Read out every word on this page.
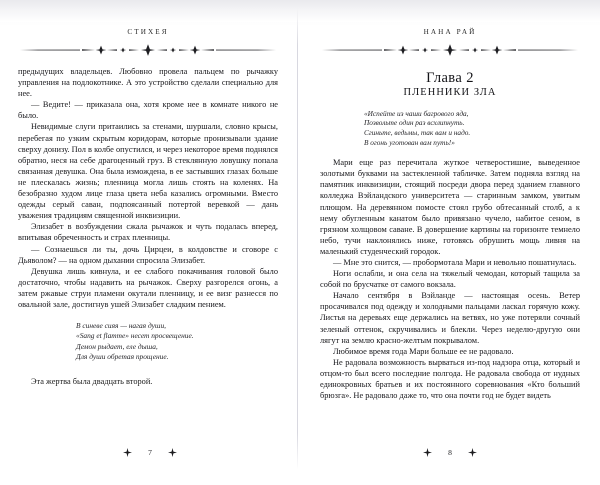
СТИХЕЯ

предыдущих владельцев. Любовно провела пальцем по рычажку управления на подлокотнике. А это устройство сделали специально для нее.

— Ведите! — приказала она, хотя кроме нее в комнате никого не было.

Невидимые слуги притаились за стенами, шуршали, словно крысы, перебегая по узким скрытым коридорам, которые пронизывали здание сверху донизу. Пол в колбе опустился, и через некоторое время поднялся обратно, неся на себе драгоценный груз. В стеклянную ловушку попала связанная девушка. Она была измождена, в ее застывших глазах больше не плескалась жизнь; пленница могла лишь стоять на коленях. На безобразно худом лице глаза цвета неба казались огромными. Вместо одежды серый саван, подпоясанный потертой веревкой — дань уважения традициям священной инквизиции.

Элизабет в возбуждении сжала рычажок и чуть подалась вперед, впитывая обреченность и страх пленницы.

— Сознаешься ли ты, дочь Цирцеи, в колдовстве и сговоре с Дьяволом? — на одном дыхании спросила Элизабет.

Девушка лишь кивнула, и ее слабого покачивания головой было достаточно, чтобы надавить на рычажок. Сверху разгорелся огонь, а затем ржавые струи пламени окутали пленницу, и ее визг разнесся по овальной зале, достигнув ушей Элизабет сладким пением.

В синеве сияя — нагая души,
«Sang et flamme» несет просвещение.
Демон рыдает, еле дыша,
Для души обретая прощение.
Эта жертва была двадцать второй.
7
НАНА РАЙ
Глава 2
ПЛЕННИКИ ЗЛА
«Испейте из чаши багрового яда,
Позвольте один раз всхлипнуть.
Сгиньте, ведьмы, так вам и надо.
В огонь уготован вам путь!»

Мари еще раз перечитала жуткое четверостишие, выведенное золотыми буквами на застекленной табличке. Затем подняла взгляд на памятник инквизиции, стоящий посреди двора перед зданием главного колледжа Вэйландского университета — старинным замком, увитым плющом. На деревянном помосте стоял грубо обтесанный столб, а к нему обугленным канатом было привязано чучело, набитое сеном, в грязном холщовом саване. В довершение картины на горизонте темнело небо, тучи наклонялись ниже, готовясь обрушить мощь ливня на маленький студенческий городок.

— Мне это снится, — пробормотала Мари и невольно пошатнулась.

Ноги ослабли, и она села на тяжелый чемодан, который тащила за собой по брусчатке от самого вокзала.

Начало сентября в Вэйланде — настоящая осень. Ветер просачивался под одежду и холодными пальцами ласкал горячую кожу. Листья на деревьях еще держались на ветвях, но уже потеряли сочный зеленый оттенок, скручивались и блекли. Через неделю-другую они лягут на землю красно-желтым покрывалом.

Любимое время года Мари больше ее не радовало.

Не радовала возможность вырваться из-под надзора отца, который и отцом-то был всего последние полгода. Не радовала свобода от нудных единокровных братьев и их постоянного соревнования «Кто больший брюзга». Не радовало даже то, что она почти год не будет видеть

8
